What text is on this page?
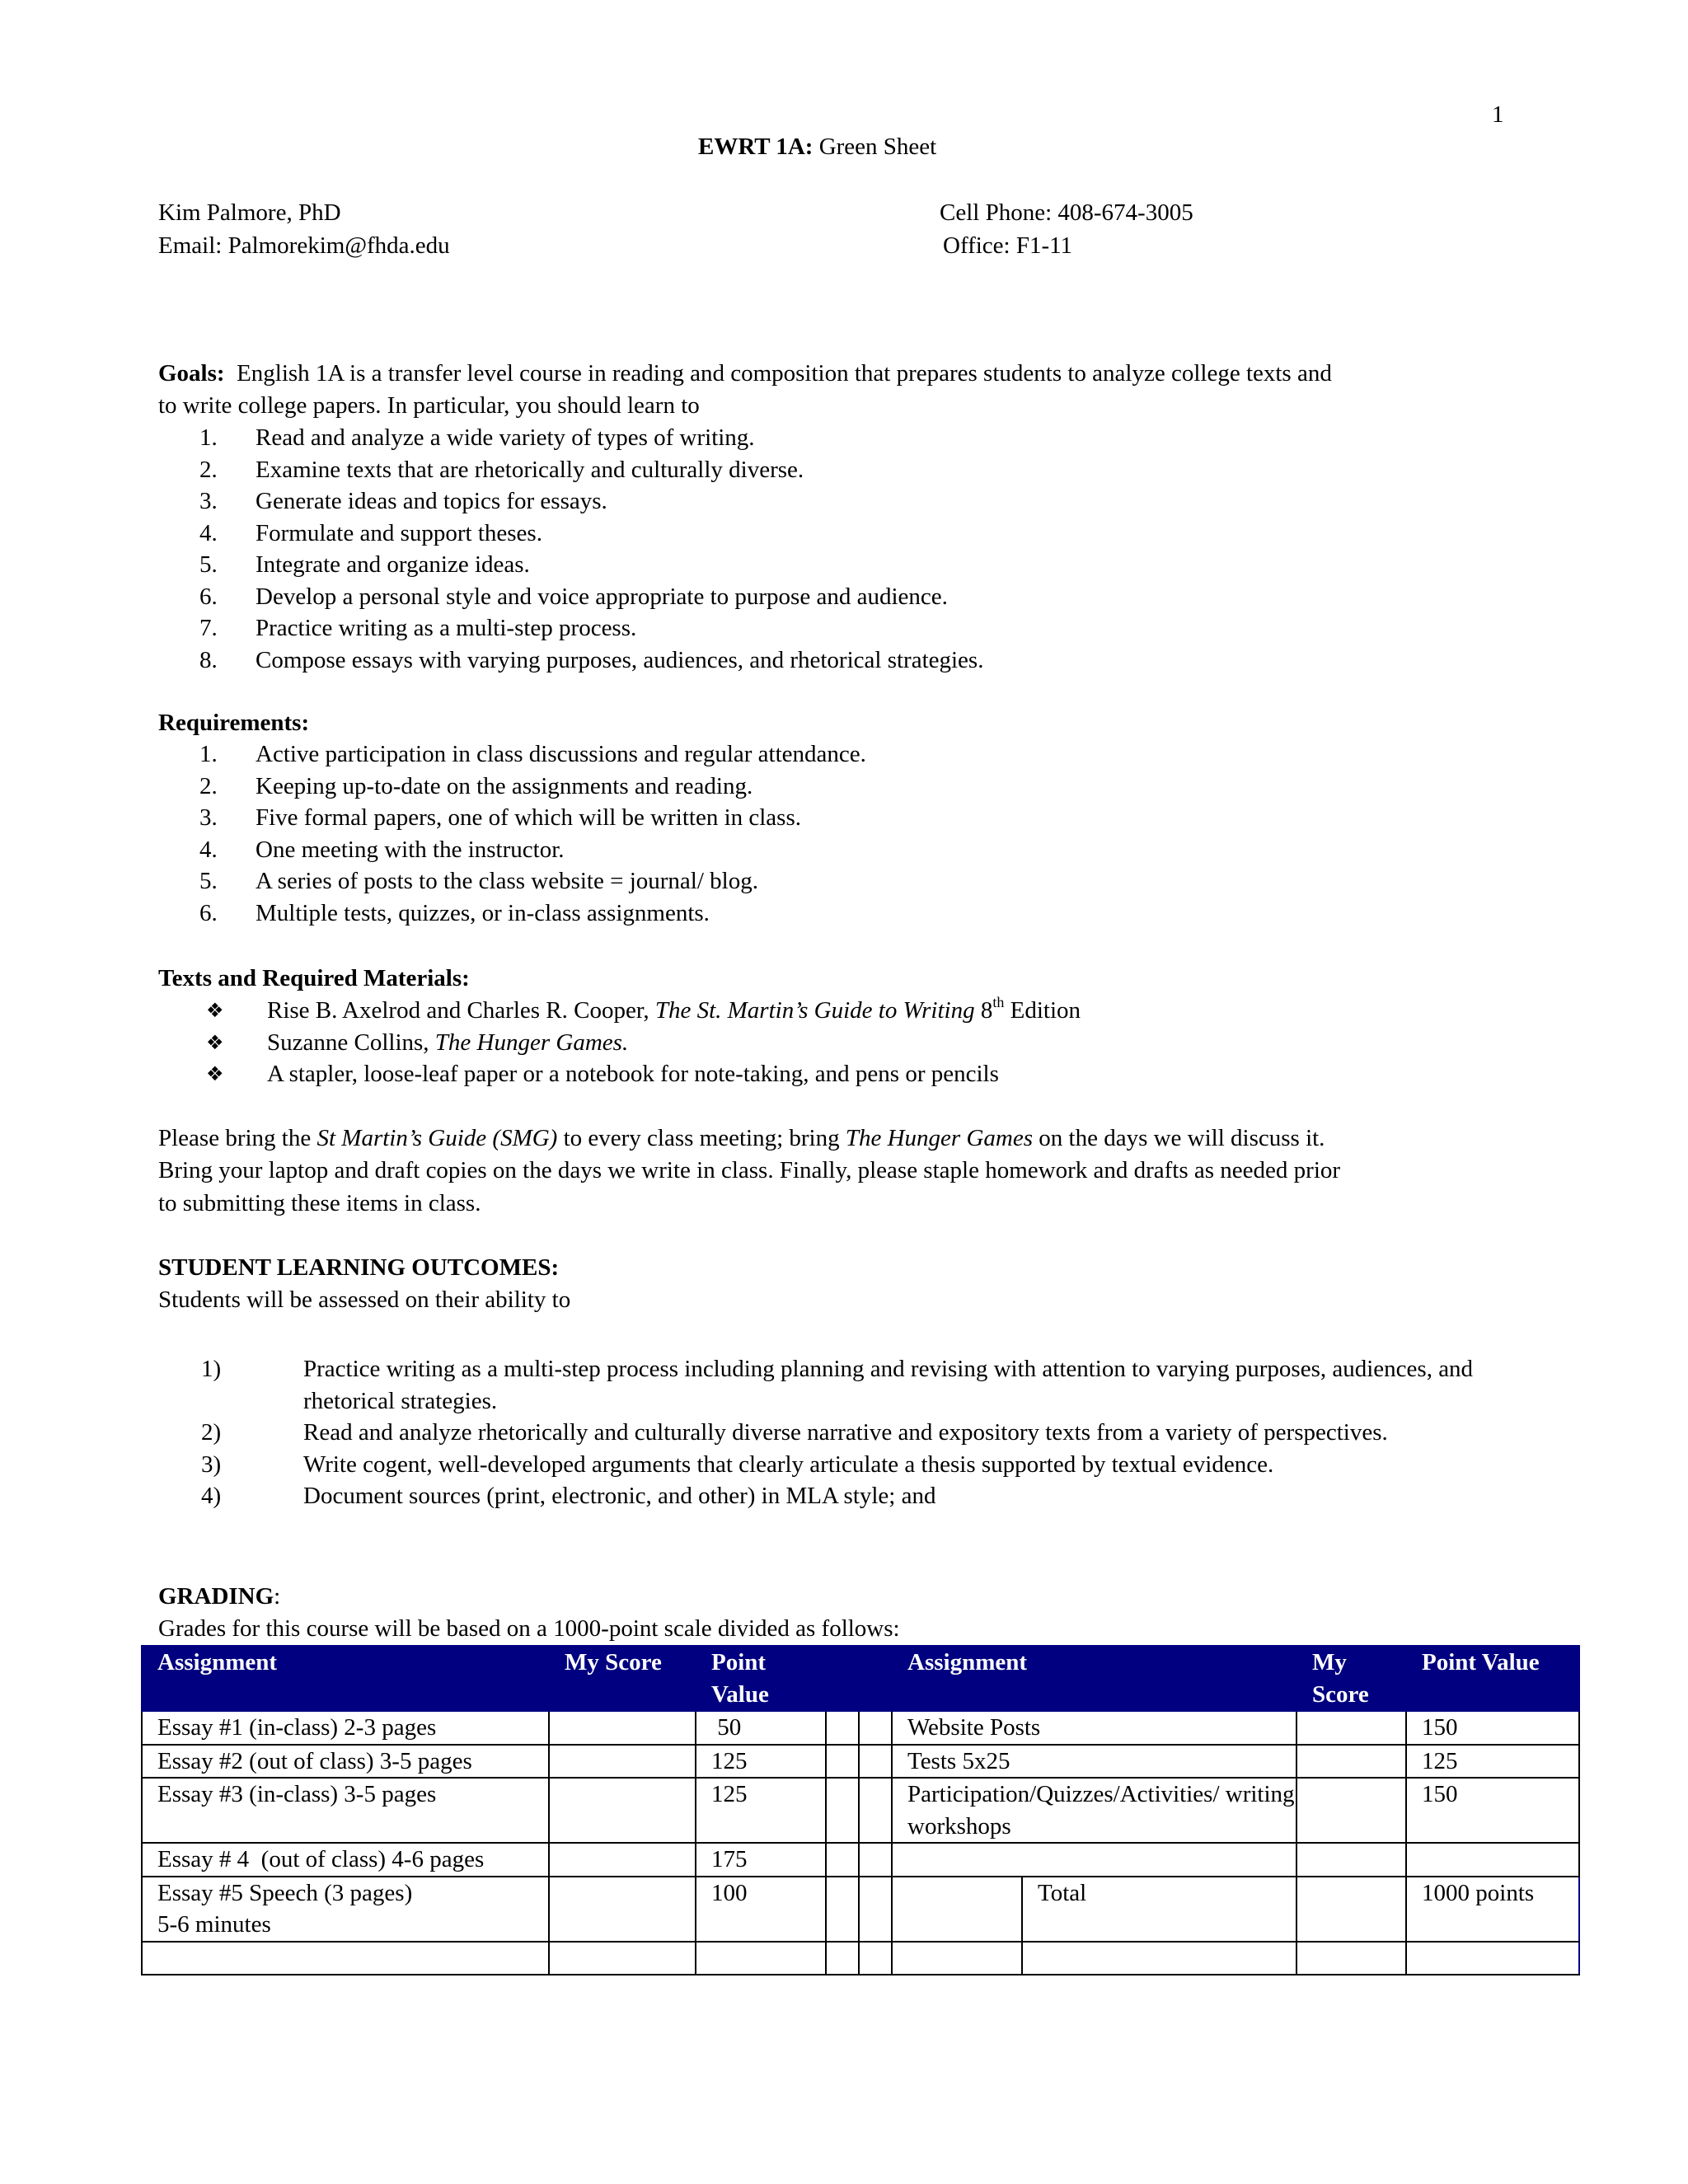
1
EWRT 1A: Green Sheet
Kim Palmore, PhD
Email: Palmorekim@fhda.edu
Cell Phone: 408-674-3005
Office: F1-11
Goals:  English 1A is a transfer level course in reading and composition that prepares students to analyze college texts and
to write college papers. In particular, you should learn to
1. Read and analyze a wide variety of types of writing.
2. Examine texts that are rhetorically and culturally diverse.
3. Generate ideas and topics for essays.
4. Formulate and support theses.
5. Integrate and organize ideas.
6. Develop a personal style and voice appropriate to purpose and audience.
7. Practice writing as a multi-step process.
8. Compose essays with varying purposes, audiences, and rhetorical strategies.
Requirements:
1. Active participation in class discussions and regular attendance.
2. Keeping up-to-date on the assignments and reading.
3. Five formal papers, one of which will be written in class.
4. One meeting with the instructor.
5. A series of posts to the class website = journal/ blog.
6. Multiple tests, quizzes, or in-class assignments.
Texts and Required Materials:
❖ Rise B. Axelrod and Charles R. Cooper, The St. Martin’s Guide to Writing 8th Edition
❖ Suzanne Collins, The Hunger Games.
❖ A stapler, loose-leaf paper or a notebook for note-taking, and pens or pencils
Please bring the St Martin’s Guide (SMG) to every class meeting; bring The Hunger Games on the days we will discuss it.
Bring your laptop and draft copies on the days we write in class. Finally, please staple homework and drafts as needed prior
to submitting these items in class.
STUDENT LEARNING OUTCOMES:
Students will be assessed on their ability to
1)	Practice writing as a multi-step process including planning and revising with attention to varying purposes, audiences, and rhetorical strategies.
2)	Read and analyze rhetorically and culturally diverse narrative and expository texts from a variety of perspectives.
3)	Write cogent, well-developed arguments that clearly articulate a thesis supported by textual evidence.
4)	Document sources (print, electronic, and other) in MLA style; and
GRADING:
Grades for this course will be based on a 1000-point scale divided as follows:
Assignment	My Score	Point Value			Assignment		My Score	Point Value
Essay #1 (in-class) 2-3 pages		50			Website Posts			150
Essay #2 (out of class) 3-5 pages		125			Tests 5x25			125
Essay #3 (in-class) 3-5 pages		125			Participation/Quizzes/Activities/ writing workshops			150
Essay # 4  (out of class) 4-6 pages		175						
Essay #5 Speech (3 pages) 5-6 minutes		100				Total		1000 points
